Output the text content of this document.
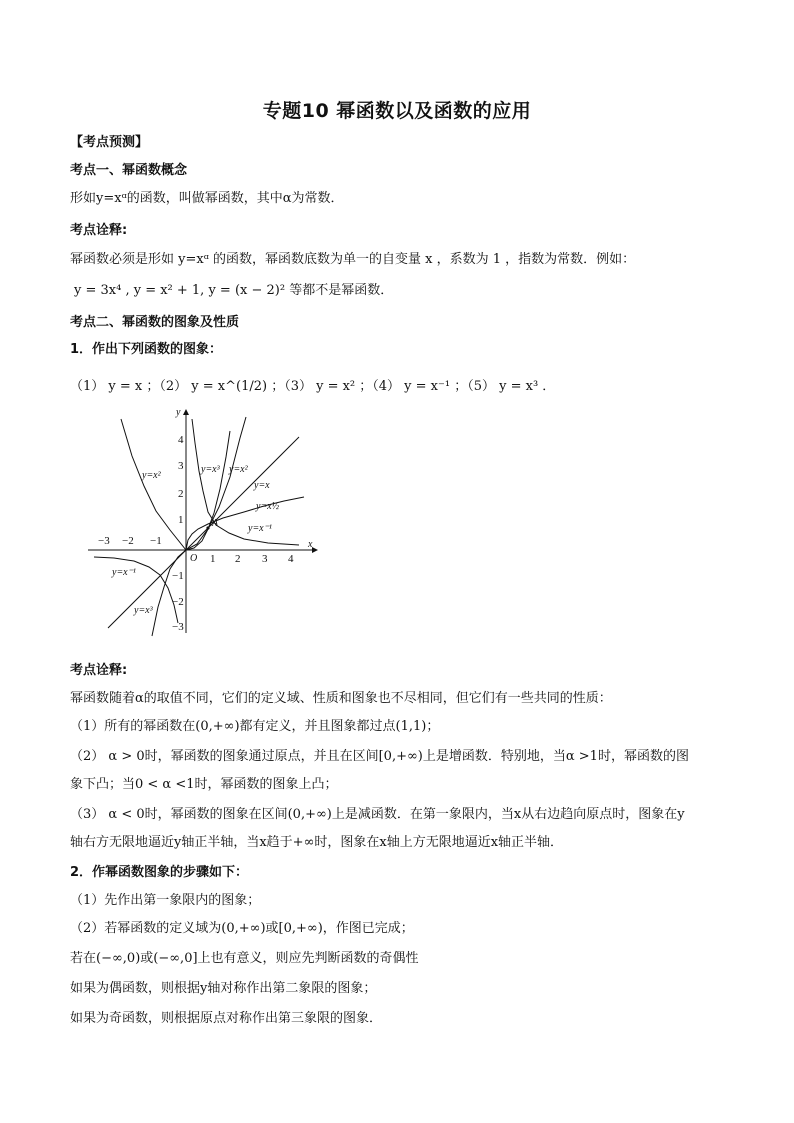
专题10 幂函数以及函数的应用
【考点预测】
考点一、幂函数概念
形如y=xᵅ的函数，叫做幂函数，其中α为常数．
考点诠释:
幂函数必须是形如 y=xᵅ 的函数，幂函数底数为单一的自变量 x ，系数为 1 ，指数为常数．例如：
y = 3x⁴ , y = x² + 1, y = (x − 2)² 等都不是幂函数．
考点二、幂函数的图象及性质
1．作出下列函数的图象：
（1） y = x ；（2） y = x^(1/2) ；（3） y = x² ；（4） y = x⁻¹ ；（5） y = x³ ．
A
x
y
O
−3 −2 −1
1 2 3 4
4
3
2
1
−1
−2
−3
y=x²
y=x³ y=x²
y=x
y=x½
y=x⁻¹
y=x⁻¹
y=x³
考点诠释:
幂函数随着α的取值不同，它们的定义域、性质和图象也不尽相同，但它们有一些共同的性质：
（1）所有的幂函数在(0,+∞)都有定义，并且图象都过点(1,1)；
（2） α > 0时，幂函数的图象通过原点，并且在区间[0,+∞)上是增函数．特别地，当α >1时，幂函数的图
象下凸；当0 < α <1时，幂函数的图象上凸；
（3） α < 0时，幂函数的图象在区间(0,+∞)上是减函数．在第一象限内，当x从右边趋向原点时，图象在y
轴右方无限地逼近y轴正半轴，当x趋于+∞时，图象在x轴上方无限地逼近x轴正半轴．
2．作幂函数图象的步骤如下：
（1）先作出第一象限内的图象；
（2）若幂函数的定义域为(0,+∞)或[0,+∞)，作图已完成；
若在(−∞,0)或(−∞,0]上也有意义，则应先判断函数的奇偶性
如果为偶函数，则根据y轴对称作出第二象限的图象；
如果为奇函数，则根据原点对称作出第三象限的图象．
